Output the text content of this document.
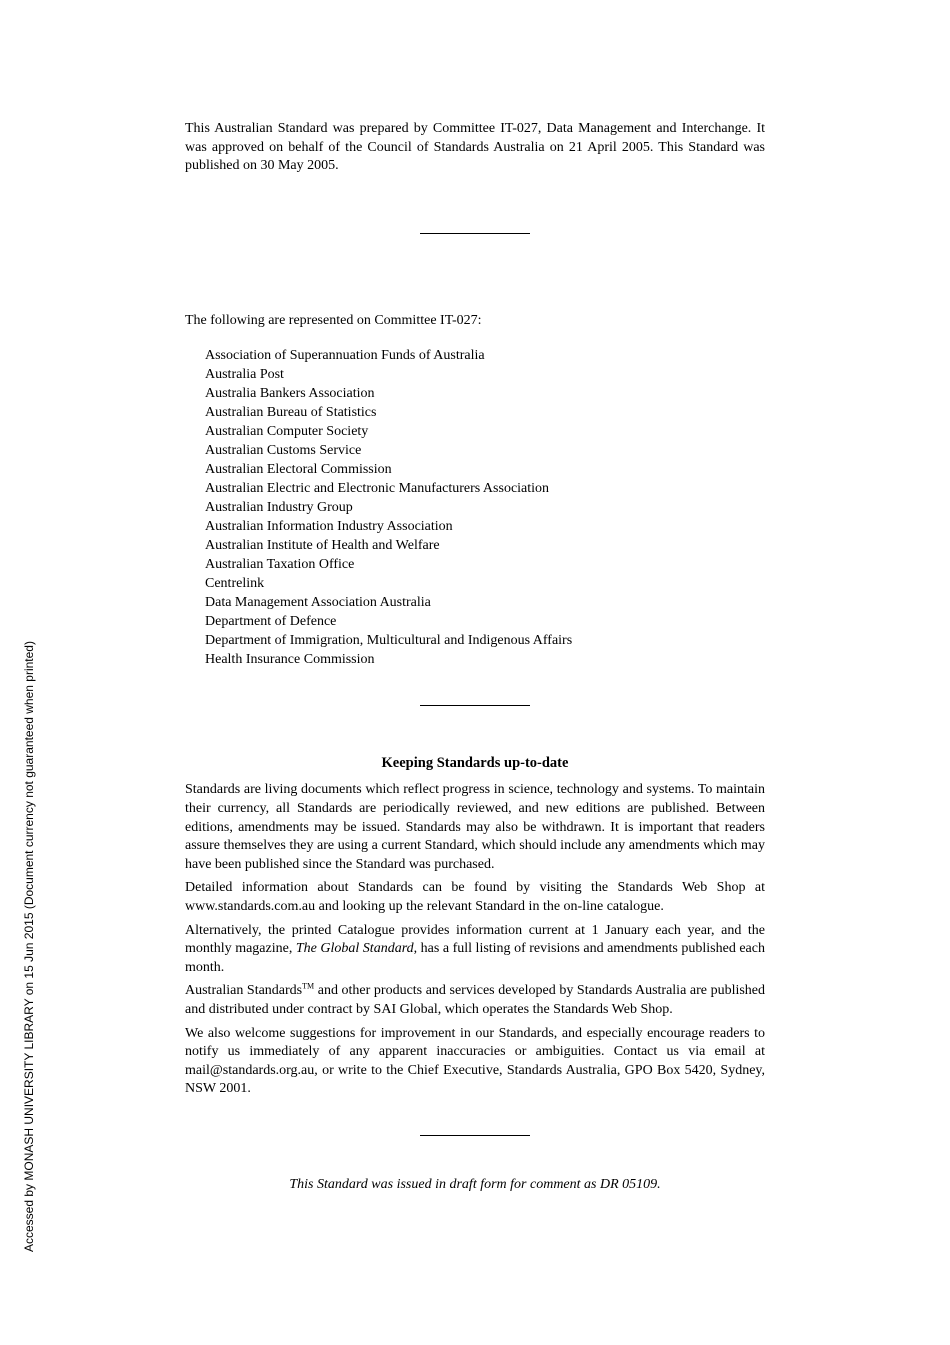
Accessed by MONASH UNIVERSITY LIBRARY on 15 Jun 2015 (Document currency not guaranteed when printed)

This Australian Standard was prepared by Committee IT-027, Data Management and Interchange. It was approved on behalf of the Council of Standards Australia on 21 April 2005. This Standard was published on 30 May 2005.

The following are represented on Committee IT-027:

Association of Superannuation Funds of Australia
Australia Post
Australia Bankers Association
Australian Bureau of Statistics
Australian Computer Society
Australian Customs Service
Australian Electoral Commission
Australian Electric and Electronic Manufacturers Association
Australian Industry Group
Australian Information Industry Association
Australian Institute of Health and Welfare
Australian Taxation Office
Centrelink
Data Management Association Australia
Department of Defence
Department of Immigration, Multicultural and Indigenous Affairs
Health Insurance Commission
Keeping Standards up-to-date

Standards are living documents which reflect progress in science, technology and systems. To maintain their currency, all Standards are periodically reviewed, and new editions are published. Between editions, amendments may be issued. Standards may also be withdrawn. It is important that readers assure themselves they are using a current Standard, which should include any amendments which may have been published since the Standard was purchased.

Detailed information about Standards can be found by visiting the Standards Web Shop at www.standards.com.au and looking up the relevant Standard in the on-line catalogue.

Alternatively, the printed Catalogue provides information current at 1 January each year, and the monthly magazine, The Global Standard, has a full listing of revisions and amendments published each month.

Australian Standards™ and other products and services developed by Standards Australia are published and distributed under contract by SAI Global, which operates the Standards Web Shop.

We also welcome suggestions for improvement in our Standards, and especially encourage readers to notify us immediately of any apparent inaccuracies or ambiguities. Contact us via email at mail@standards.org.au, or write to the Chief Executive, Standards Australia, GPO Box 5420, Sydney, NSW 2001.

This Standard was issued in draft form for comment as DR 05109.
